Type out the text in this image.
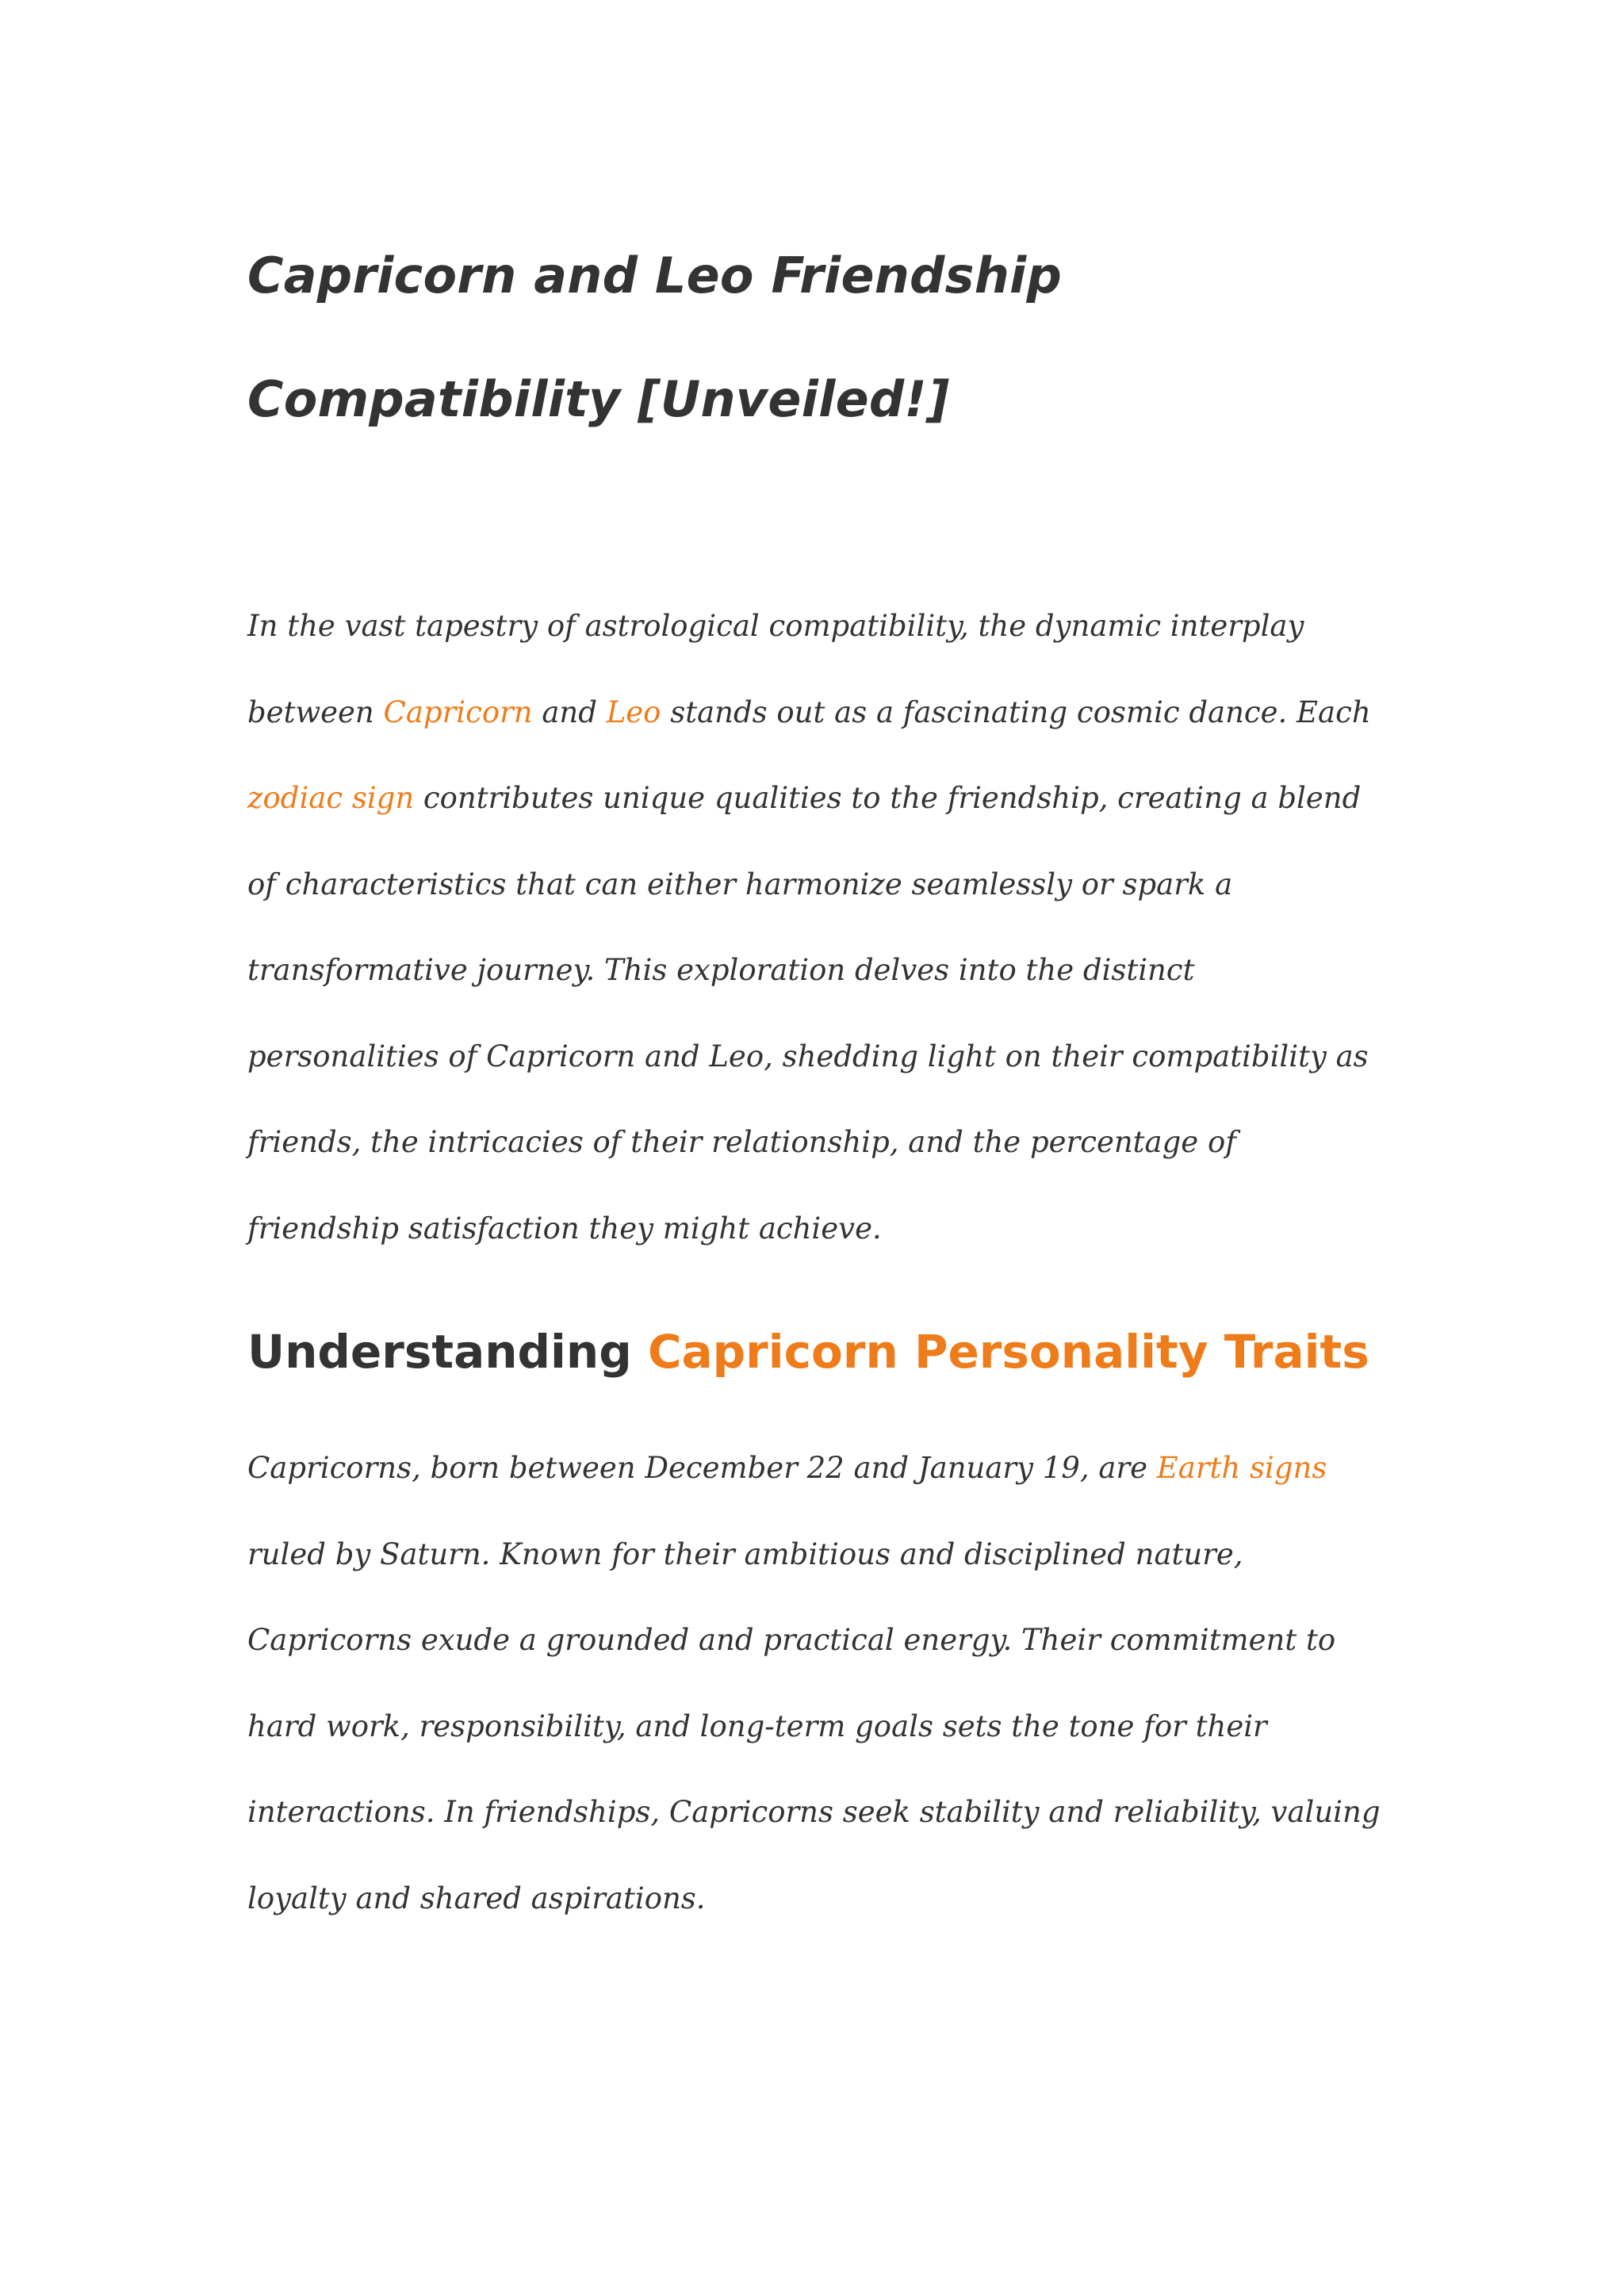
Capricorn and Leo Friendship Compatibility [Unveiled!]

In the vast tapestry of astrological compatibility, the dynamic interplay between Capricorn and Leo stands out as a fascinating cosmic dance. Each zodiac sign contributes unique qualities to the friendship, creating a blend of characteristics that can either harmonize seamlessly or spark a transformative journey. This exploration delves into the distinct personalities of Capricorn and Leo, shedding light on their compatibility as friends, the intricacies of their relationship, and the percentage of friendship satisfaction they might achieve.

Understanding Capricorn Personality Traits

Capricorns, born between December 22 and January 19, are Earth signs ruled by Saturn. Known for their ambitious and disciplined nature, Capricorns exude a grounded and practical energy. Their commitment to hard work, responsibility, and long-term goals sets the tone for their interactions. In friendships, Capricorns seek stability and reliability, valuing loyalty and shared aspirations.
